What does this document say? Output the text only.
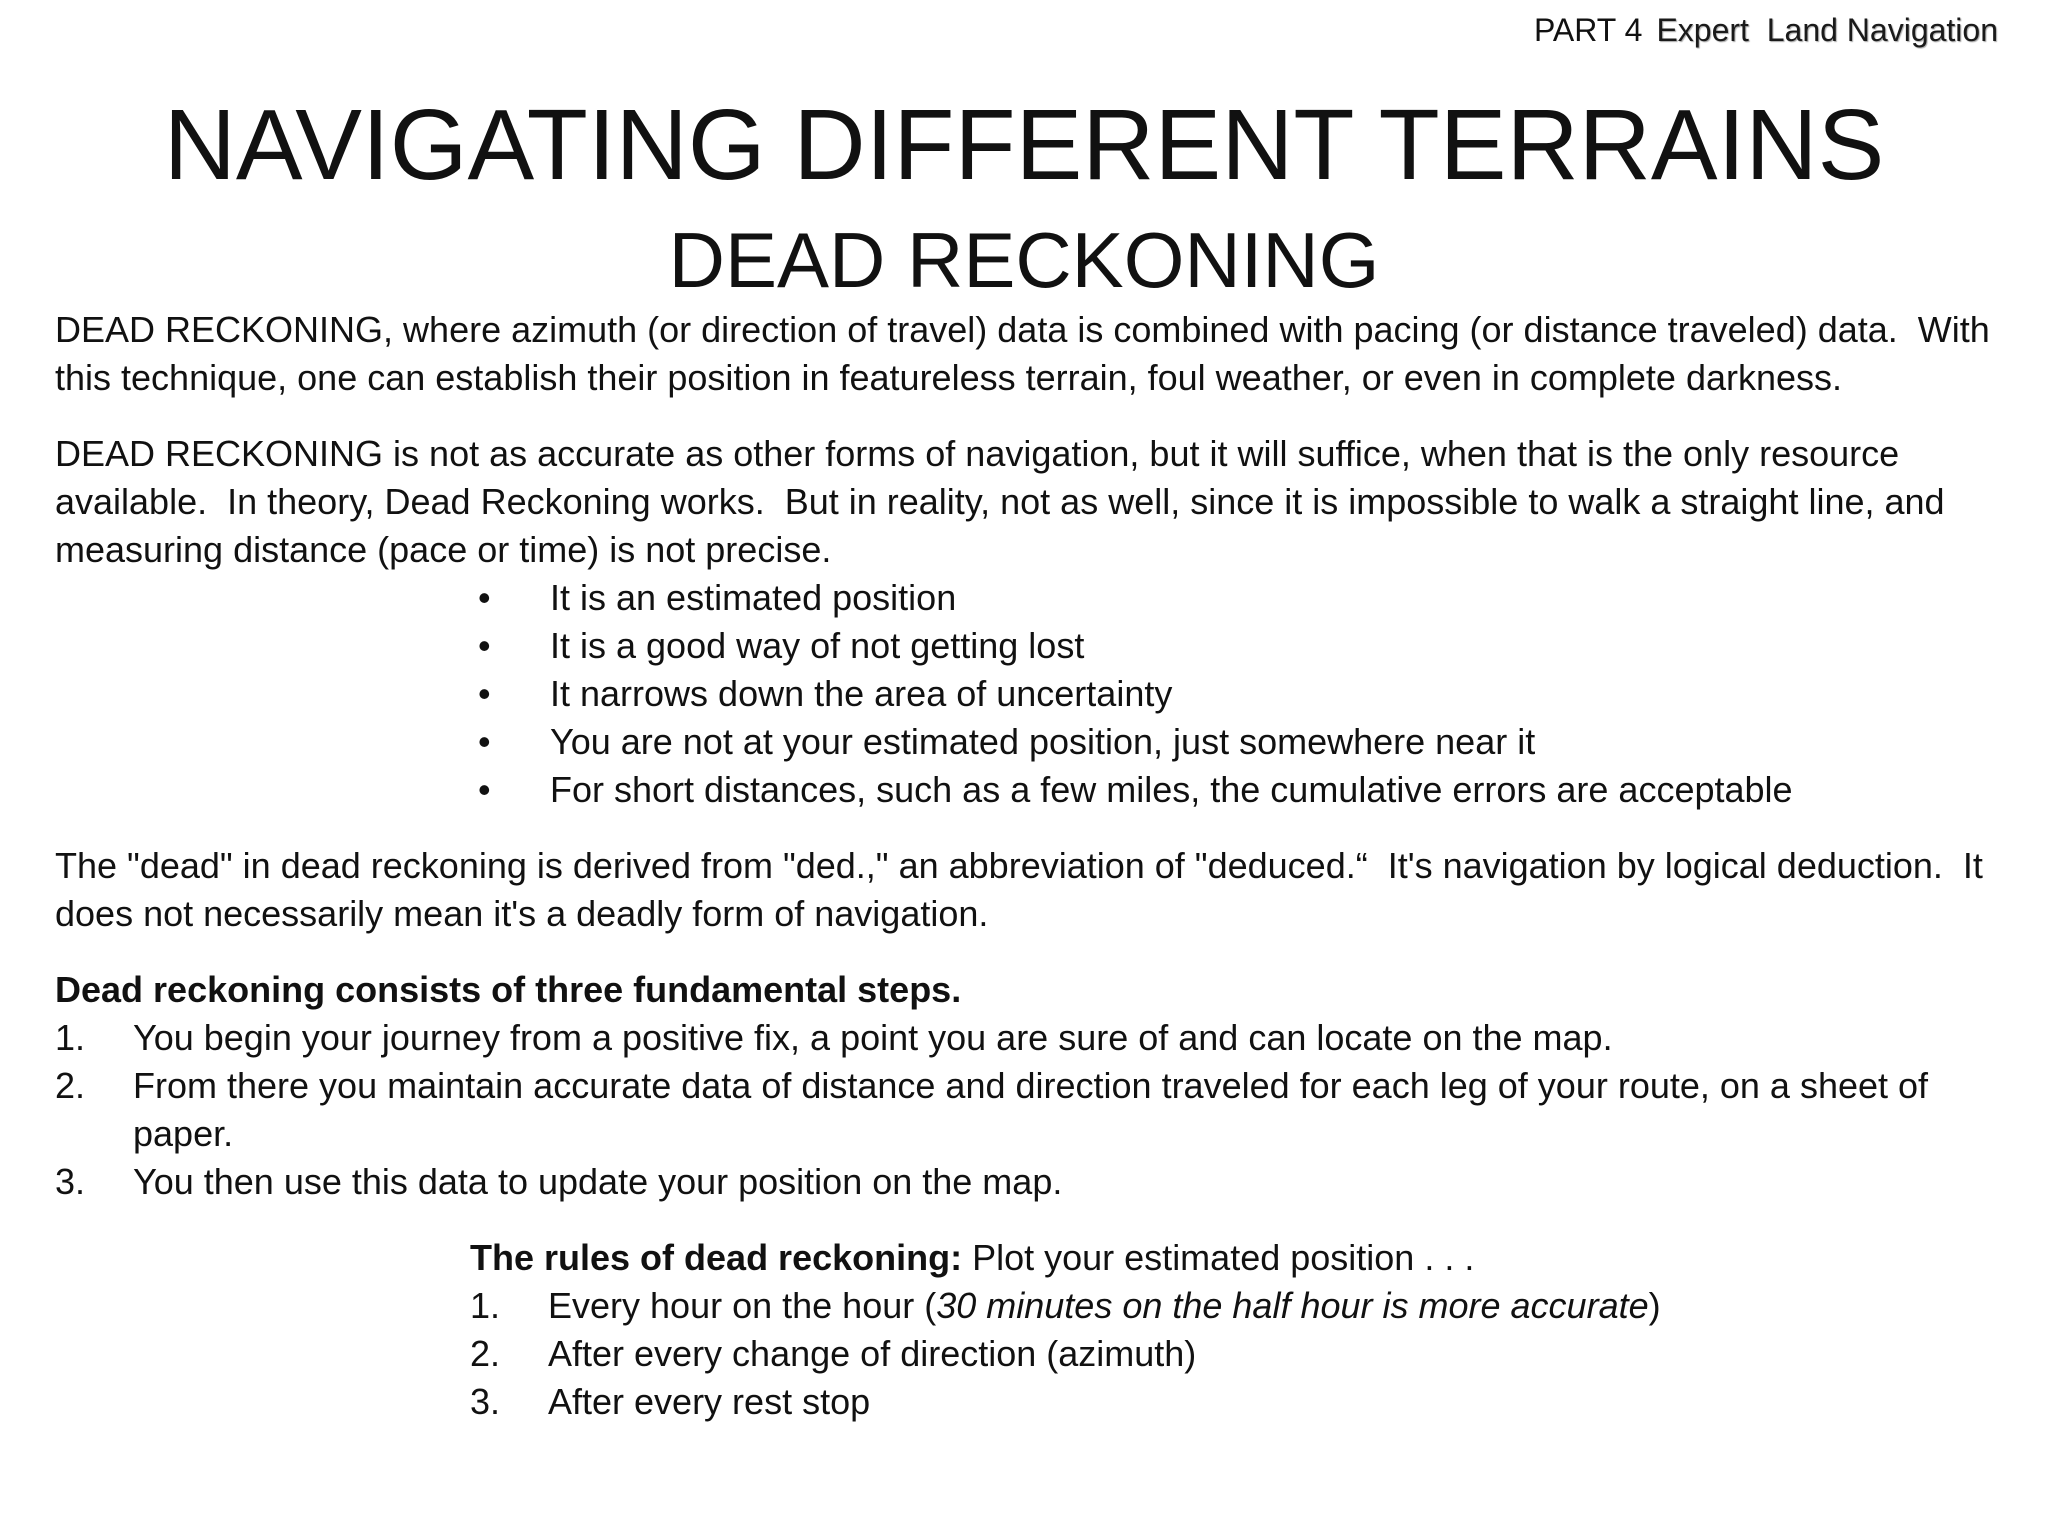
PART 4 Expert  Land Navigation
NAVIGATING DIFFERENT TERRAINS
DEAD RECKONING

DEAD RECKONING, where azimuth (or direction of travel) data is combined with pacing (or distance traveled) data.  With this technique, one can establish their position in featureless terrain, foul weather, or even in complete darkness.

DEAD RECKONING is not as accurate as other forms of navigation, but it will suffice, when that is the only resource available.  In theory, Dead Reckoning works.  But in reality, not as well, since it is impossible to walk a straight line, and measuring distance (pace or time) is not precise.

• It is an estimated position
• It is a good way of not getting lost
• It narrows down the area of uncertainty
• You are not at your estimated position, just somewhere near it
• For short distances, such as a few miles, the cumulative errors are acceptable

The "dead" in dead reckoning is derived from "ded.," an abbreviation of "deduced.“  It's navigation by logical deduction.  It does not necessarily mean it's a deadly form of navigation.

Dead reckoning consists of three fundamental steps.

1. You begin your journey from a positive fix, a point you are sure of and can locate on the map.
2. From there you maintain accurate data of distance and direction traveled for each leg of your route, on a sheet of paper.
3. You then use this data to update your position on the map.

The rules of dead reckoning: Plot your estimated position . . .

1. Every hour on the hour (30 minutes on the half hour is more accurate)
2. After every change of direction (azimuth)
3. After every rest stop
